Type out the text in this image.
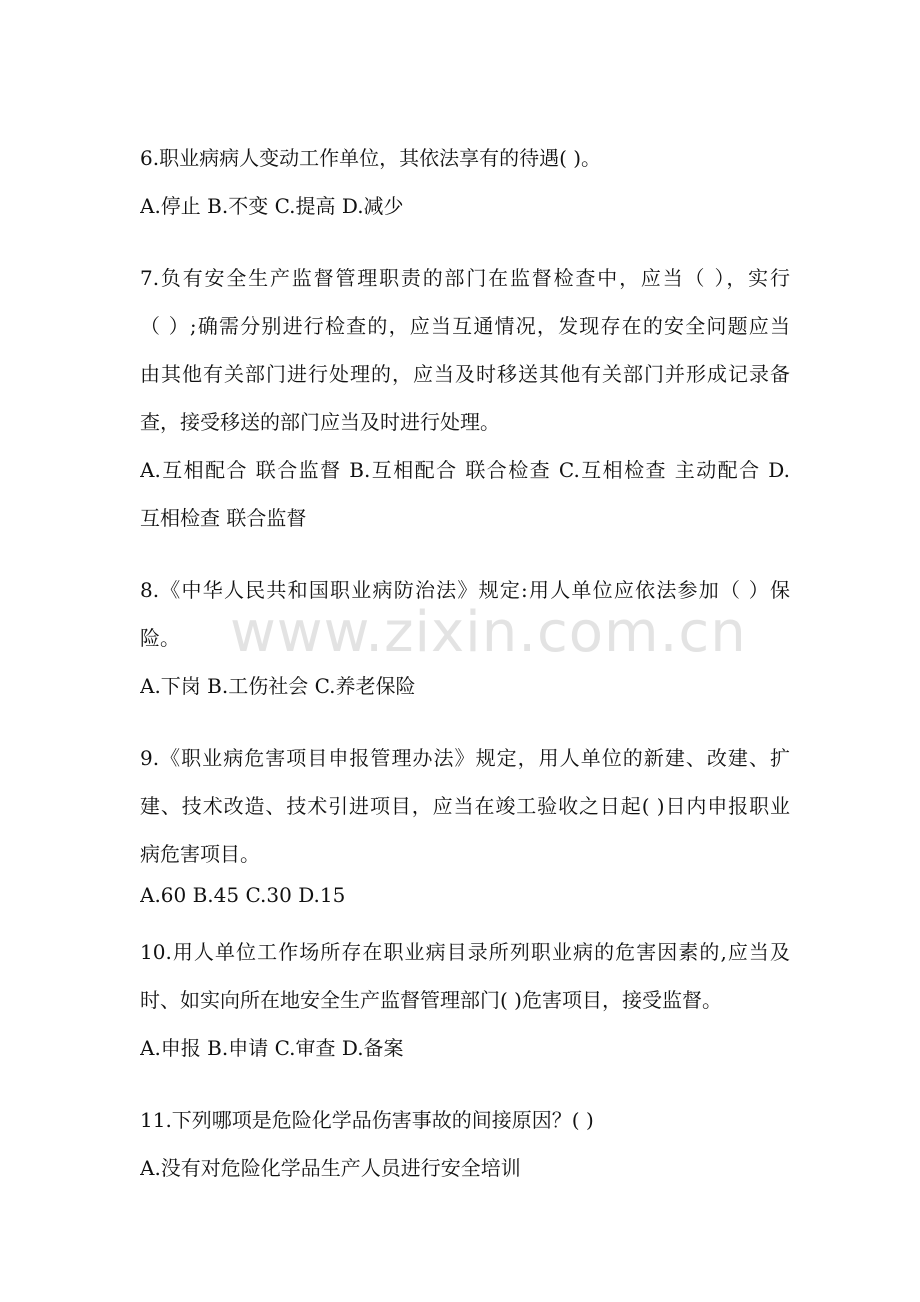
www.zixin.com.cn
6.职业病病人变动工作单位，其依法享有的待遇( )。
A.停止 B.不变 C.提高 D.减少
7.负有安全生产监督管理职责的部门在监督检查中，应当（ ），实行
（ ）;确需分别进行检查的，应当互通情况，发现存在的安全问题应当
由其他有关部门进行处理的，应当及时移送其他有关部门并形成记录备
查，接受移送的部门应当及时进行处理。
A.互相配合 联合监督 B.互相配合 联合检查 C.互相检查 主动配合 D.
互相检查 联合监督
8.《中华人民共和国职业病防治法》规定:用人单位应依法参加（ ）保
险。
A.下岗 B.工伤社会 C.养老保险
9.《职业病危害项目申报管理办法》规定，用人单位的新建、改建、扩
建、技术改造、技术引进项目，应当在竣工验收之日起( )日内申报职业
病危害项目。
A.60 B.45 C.30 D.15
10.用人单位工作场所存在职业病目录所列职业病的危害因素的,应当及
时、如实向所在地安全生产监督管理部门( )危害项目，接受监督。
A.申报 B.申请 C.审查 D.备案
11.下列哪项是危险化学品伤害事故的间接原因？( )
A.没有对危险化学品生产人员进行安全培训
